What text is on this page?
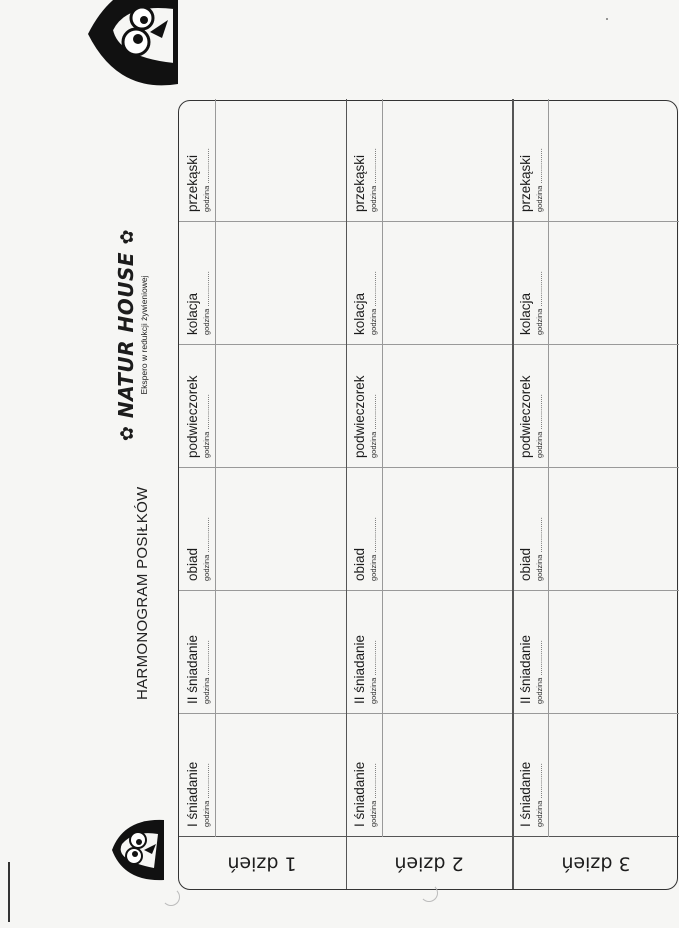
HARMONOGRAM POSIŁKÓW
✿ NATUR HOUSE ✿
Ekspero w redukcji żywieniowej
1 dzień
I śniadanie godzina .................
II śniadanie godzina .................
obiad godzina .................
podwieczorek godzina .................
kolacja godzina .................
przekąski godzina .................
2 dzień
I śniadanie godzina .................
II śniadanie godzina .................
obiad godzina .................
podwieczorek godzina .................
kolacja godzina .................
przekąski godzina .................
3 dzień
I śniadanie godzina .................
II śniadanie godzina .................
obiad godzina .................
podwieczorek godzina .................
kolacja godzina .................
przekąski godzina .................
